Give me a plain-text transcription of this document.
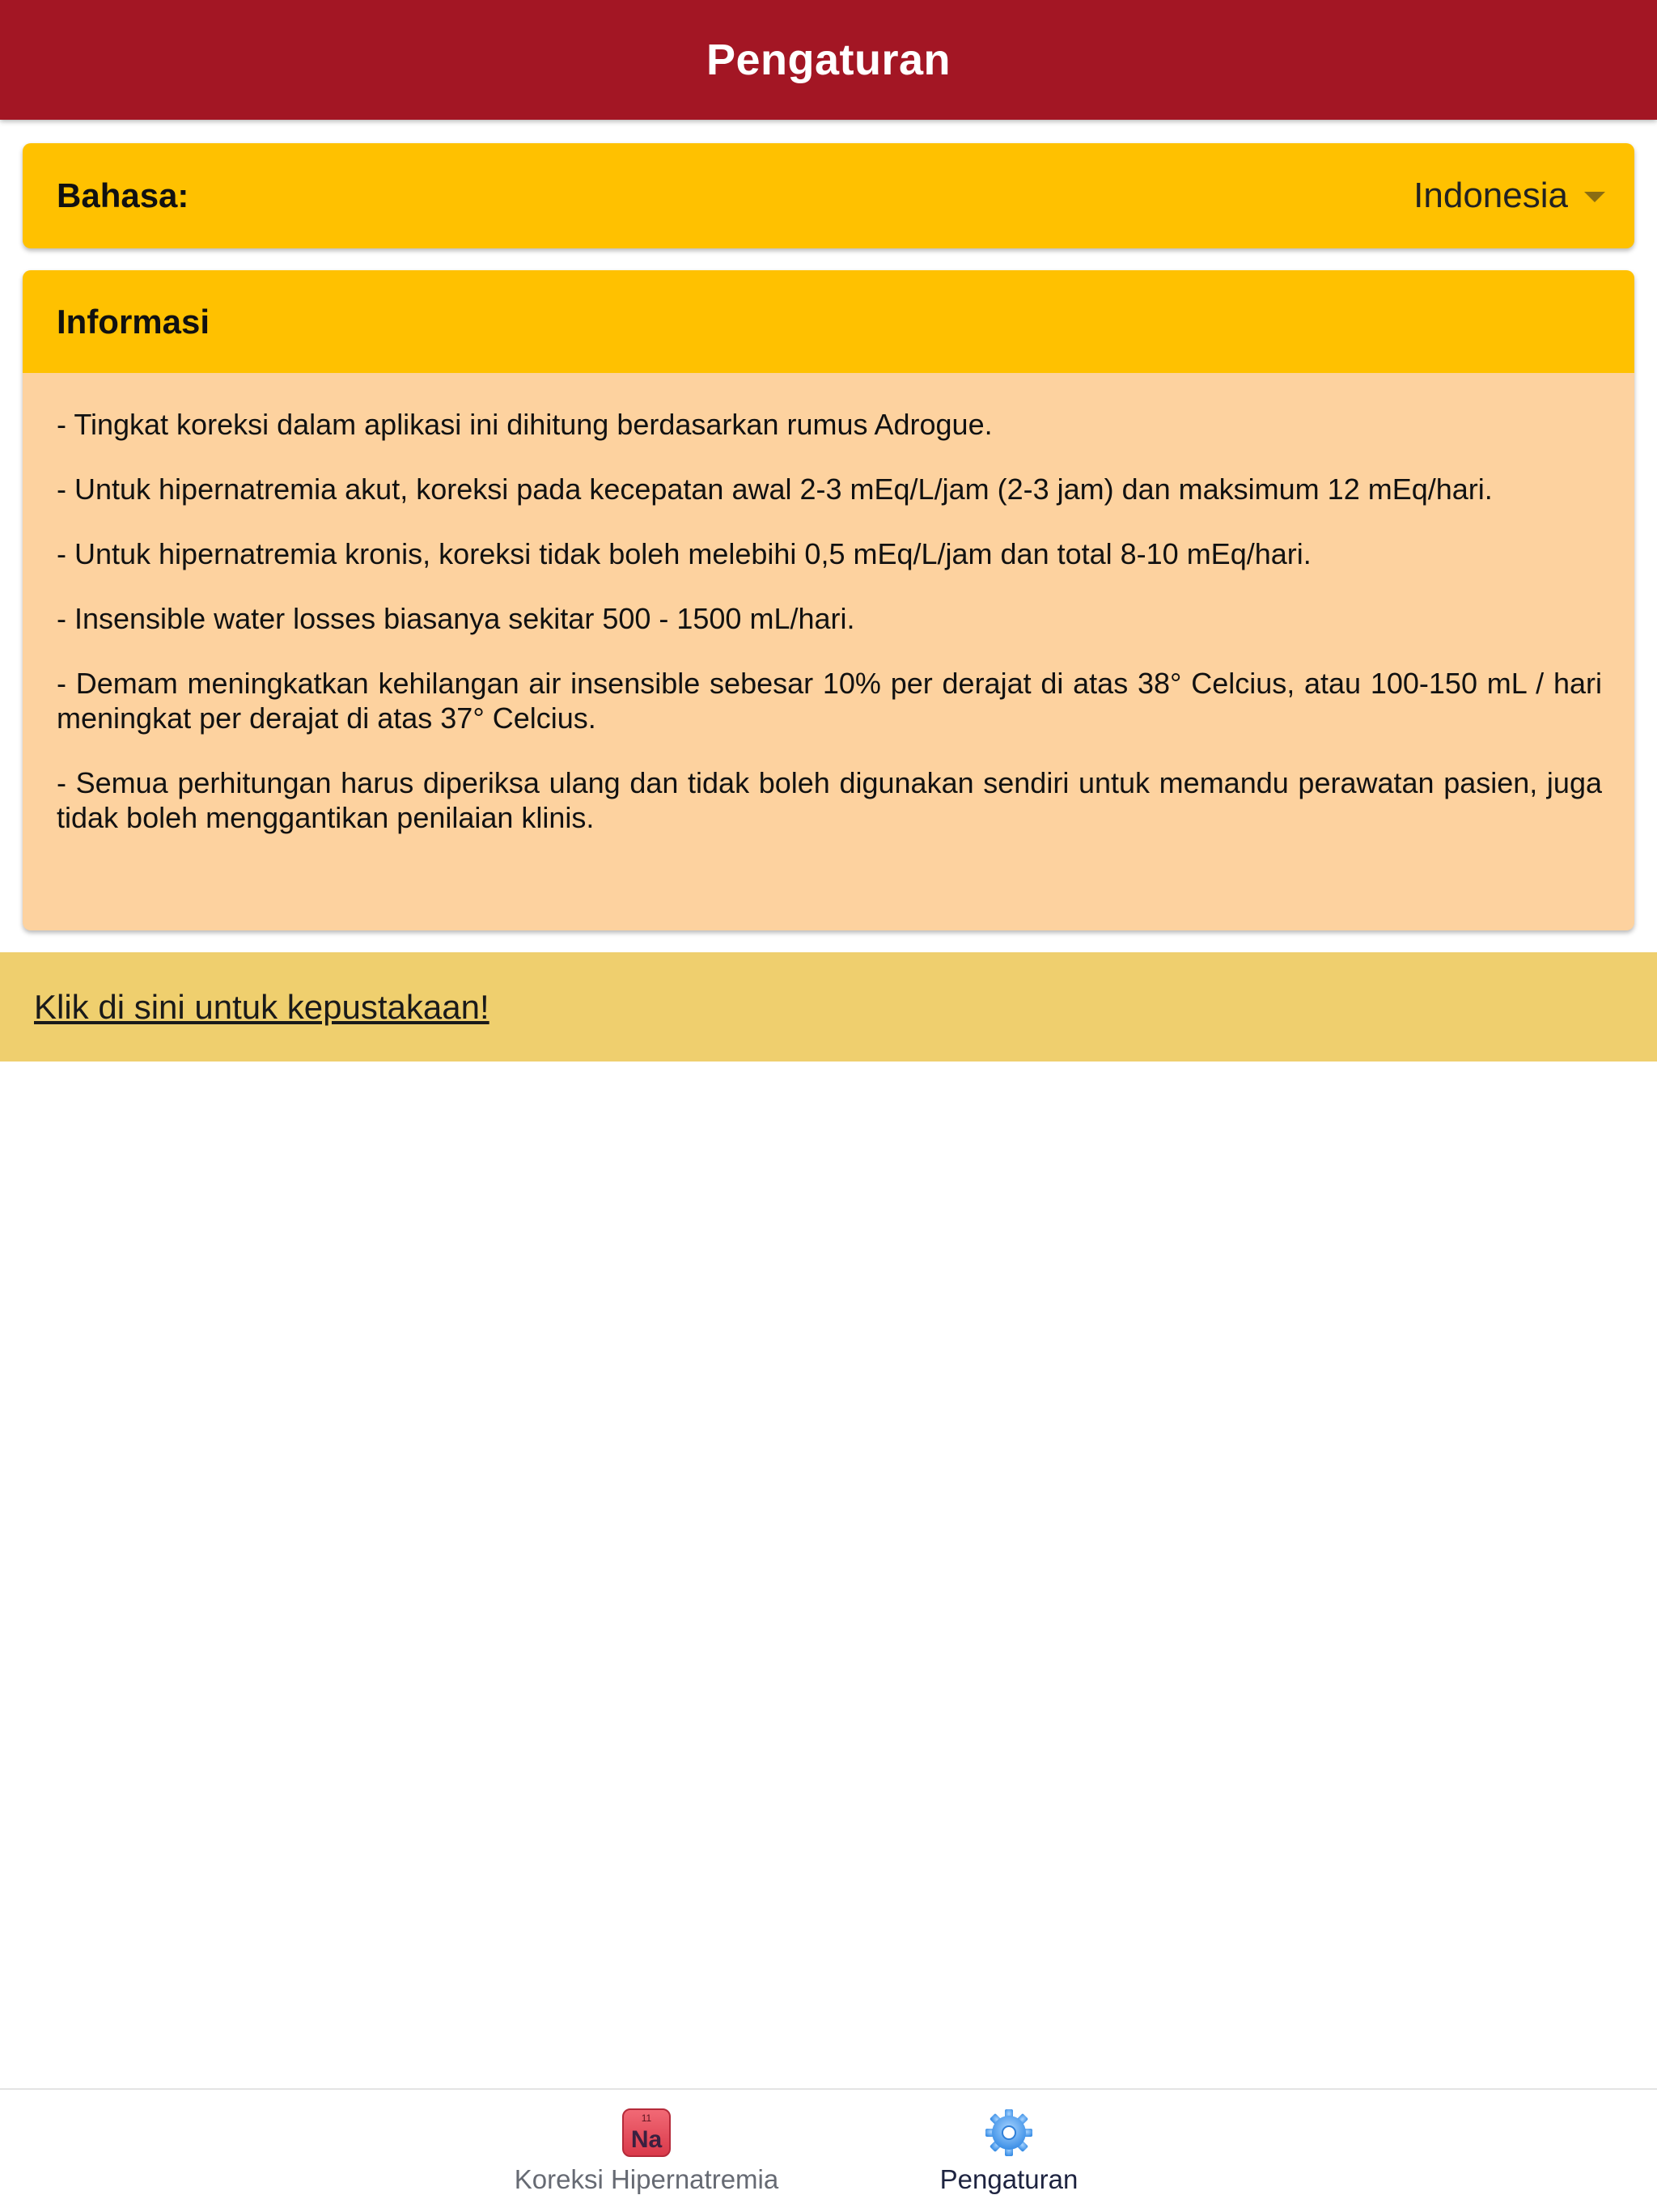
Pengaturan
Bahasa:	Indonesia
Informasi

- Tingkat koreksi dalam aplikasi ini dihitung berdasarkan rumus Adrogue.

- Untuk hipernatremia akut, koreksi pada kecepatan awal 2-3 mEq/L/jam (2-3 jam) dan maksimum 12 mEq/hari.

- Untuk hipernatremia kronis, koreksi tidak boleh melebihi 0,5 mEq/L/jam dan total 8-10 mEq/hari.

- Insensible water losses biasanya sekitar 500 - 1500 mL/hari.

- Demam meningkatkan kehilangan air insensible sebesar 10% per derajat di atas 38° Celcius, atau 100-150 mL / hari meningkat per derajat di atas 37° Celcius.

- Semua perhitungan harus diperiksa ulang dan tidak boleh digunakan sendiri untuk memandu perawatan pasien, juga tidak boleh menggantikan penilaian klinis.

Klik di sini untuk kepustakaan!
11
Na
Koreksi Hipernatremia	Pengaturan
